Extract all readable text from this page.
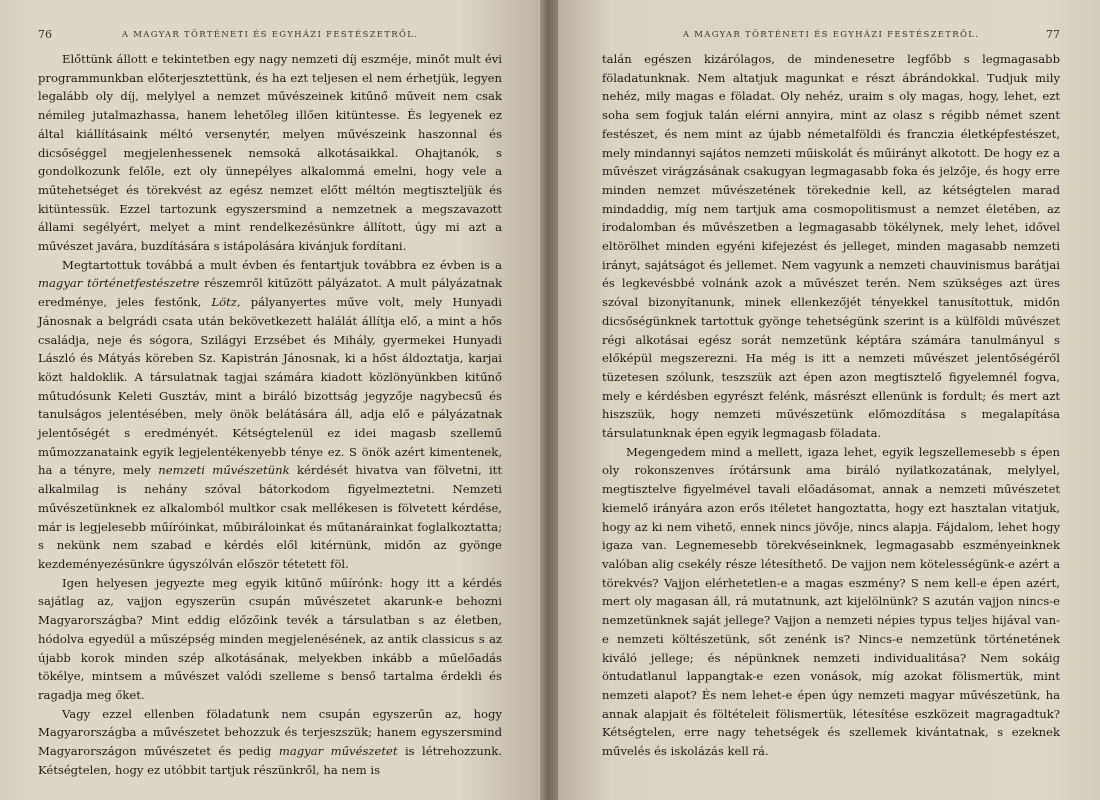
76	A MAGYAR TÖRTÉNETI ÉS EGYHÁZI FESTÉSZETRŐL.

Előttünk állott e tekintetben egy nagy nemzeti díj eszméje, minőt mult évi programmunkban előterjesztettünk, és ha ezt teljesen el nem érhetjük, legyen legalább oly díj, melylyel a nemzet művészeinek kitűnő műveit nem csak némileg jutalmazhassa, hanem lehetőleg illően kitüntesse. És legyenek ez által kiállításaink méltó versenytér, melyen művészeink haszonnal és dicsőséggel megjelenhessenek nemsoká alkotásaikkal. Ohajtanók, s gondolkozunk felőle, ezt oly ünnepélyes alkalommá emelni, hogy vele a műtehetséget és törekvést az egész nemzet előtt méltón megtiszteljük és kitüntessük. Ezzel tartozunk egyszersmind a nemzetnek a megszavazott állami segélyért, melyet a mint rendelkezésünkre állított, úgy mi azt a művészet javára, buzdítására s istápolására kivánjuk fordítani.

Megtartottuk továbbá a mult évben és fentartjuk továbbra ez évben is a magyar történetfestészetre részemről kitűzött pályázatot. A mult pályázatnak eredménye, jeles festőnk, Lötz, pályanyertes műve volt, mely Hunyadi Jánosnak a belgrádi csata után bekövetkezett halálát állítja elő, a mint a hős családja, neje és sógora, Szilágyi Erzsébet és Mihály, gyermekei Hunyadi László és Mátyás köreben Sz. Kapistrán Jánosnak, ki a hőst áldoztatja, karjai közt haldoklik. A társulatnak tagjai számára kiadott közlönyünkben kitűnő műtudósunk Keleti Gusztáv, mint a biráló bizottság jegyzője nagybecsű és tanulságos jelentésében, mely önök belátására áll, adja elő e pályázatnak jelentőségét s eredményét. Kétségtelenül ez idei magasb szellemű műmozzanataink egyik legjelentékenyebb ténye ez. S önök azért kimentenek, ha a tényre, mely nemzeti művészetünk kérdését hivatva van fölvetni, itt alkalmilag is nehány szóval bátorkodom figyelmeztetni. Nemzeti művészetünknek ez alkalomból multkor csak mellékesen is fölvetett kérdése, már is legjelesebb műíróinkat, műbiráloinkat és műtanárainkat foglalkoztatta; s nekünk nem szabad e kérdés elől kitérnünk, midőn az gyönge kezdeményezésünkre úgyszólván először tétetett föl.

Igen helyesen jegyezte meg egyik kitűnő műírónk: hogy itt a kérdés sajátlag az, vajjon egyszerün csupán művészetet akarunk-e behozni Magyarországba? Mint eddig előzőink tevék a társulatban s az életben, hódolva egyedül a műszépség minden megjelenésének, az antik classicus s az újabb korok minden szép alkotásának, melyekben inkább a műelőadás tökélye, mintsem a művészet valódi szelleme s benső tartalma érdekli és ragadja meg őket.

Vagy ezzel ellenben föladatunk nem csupán egyszerűn az, hogy Magyarországba a művészetet behozzuk és terjeszszük; hanem egyszersmind Magyarországon művészetet és pedig magyar művészetet is létrehozzunk. Kétségtelen, hogy ez utóbbit tartjuk részünkről, ha nem is

A MAGYAR TÖRTÉNETI ÉS EGYHÁZI FESTÉSZETRŐL.	77

talán egészen kizárólagos, de mindenesetre legfőbb s legmagasabb föladatunknak. Nem altatjuk magunkat e részt ábrándokkal. Tudjuk mily nehéz, mily magas e föladat. Oly nehéz, uraim s oly magas, hogy, lehet, ezt soha sem fogjuk talán elérni annyira, mint az olasz s régibb német szent festészet, és nem mint az újabb németalföldi és franczia életképfestészet, mely mindannyi sajátos nemzeti műiskolát és műirányt alkotott. De hogy ez a művészet virágzásának csakugyan legmagasabb foka és jelzője, és hogy erre minden nemzet művészetének törekednie kell, az kétségtelen marad mindaddig, míg nem tartjuk ama cosmopolitismust a nemzet életében, az irodalomban és művészetben a legmagasabb tökélynek, mely lehet, idővel eltörölhet minden egyéni kifejezést és jelleget, minden magasabb nemzeti irányt, sajátságot és jellemet. Nem vagyunk a nemzeti chauvinismus barátjai és legkevésbbé volnánk azok a művészet terén. Nem szükséges azt üres szóval bizonyítanunk, minek ellenkezőjét tényekkel tanusítottuk, midőn dicsőségünknek tartottuk gyönge tehetségünk szerint is a külföldi művészet régi alkotásai egész sorát nemzetünk képtára számára tanulmányul s előképül megszerezni. Ha még is itt a nemzeti művészet jelentőségéről tüzetesen szólunk, teszszük azt épen azon megtisztelő figyelemnél fogva, mely e kérdésben egyrészt felénk, másrészt ellenünk is fordult; és mert azt hiszszük, hogy nemzeti művészetünk előmozdítása s megalapítása társulatunknak épen egyik legmagasb föladata.

Megengedem mind a mellett, igaza lehet, egyik legszellemesebb s épen oly rokonszenves írótársunk ama biráló nyilatkozatának, melylyel, megtisztelve figyelmével tavali előadásomat, annak a nemzeti művészetet kiemelő irányára azon erős itéletet hangoztatta, hogy ezt hasztalan vitatjuk, hogy az ki nem vihető, ennek nincs jövője, nincs alapja. Fájdalom, lehet hogy igaza van. Legnemesebb törekvéseinknek, legmagasabb eszményeinknek valóban alig csekély része létesíthető. De vajjon nem kötelességünk-e azért a törekvés? Vajjon elérhetetlen-e a magas eszmény? S nem kell-e épen azért, mert oly magasan áll, rá mutatnunk, azt kijelölnünk? S azután vajjon nincs-e nemzetünknek saját jellege? Vajjon a nemzeti népies typus teljes hijával van-e nemzeti költészetünk, sőt zenénk is? Nincs-e nemzetünk történetének kiváló jellege; és népünknek nemzeti individualitása? Nem sokáig öntudatlanul lappangtak-e ezen vonások, míg azokat fölismertük, mint nemzeti alapot? És nem lehet-e épen úgy nemzeti magyar művészetünk, ha annak alapjait és föltételeit fölismertük, létesítése eszközeit magragadtuk? Kétségtelen, erre nagy tehetségek és szellemek kivántatnak, s ezeknek művelés és iskolázás kell rá.
